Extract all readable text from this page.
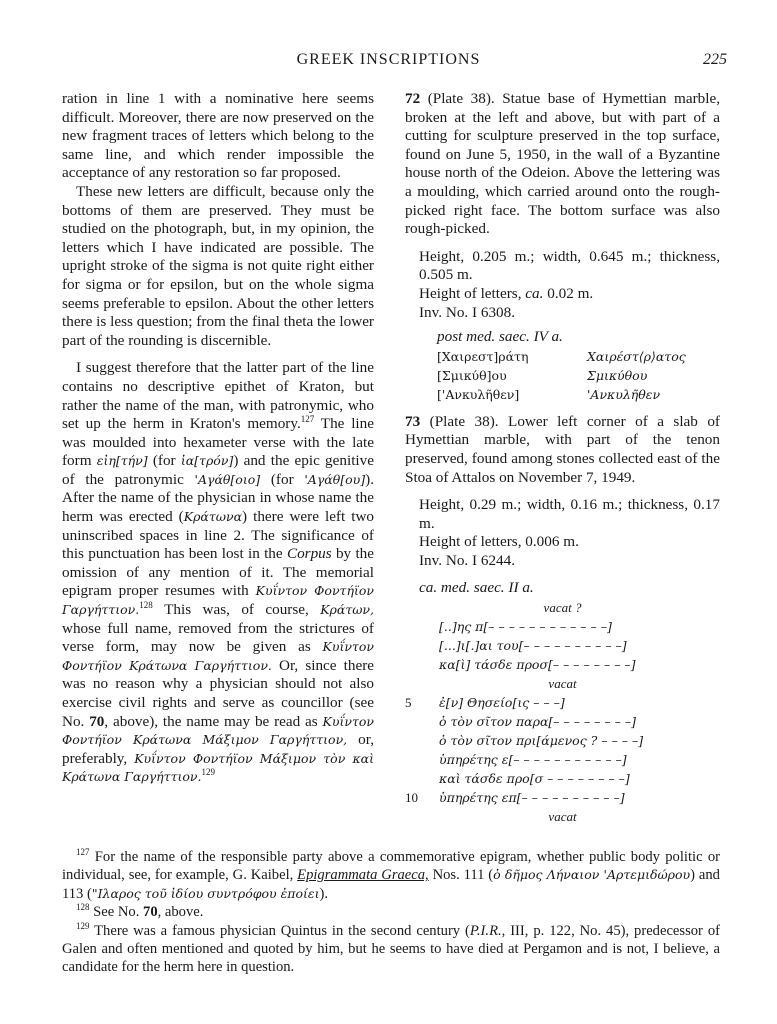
GREEK INSCRIPTIONS	225

ration in line 1 with a nominative here seems difficult. Moreover, there are now preserved on the new fragment traces of letters which belong to the same line, and which render impossible the acceptance of any restoration so far proposed.

These new letters are difficult, because only the bottoms of them are preserved. They must be studied on the photograph, but, in my opinion, the letters which I have indicated are possible. The upright stroke of the sigma is not quite right either for sigma or for epsilon, but on the whole sigma seems preferable to epsilon. About the other letters there is less question; from the final theta the lower part of the rounding is discernible.

I suggest therefore that the latter part of the line contains no descriptive epithet of Kraton, but rather the name of the man, with patronymic, who set up the herm in Kraton's memory.$^{127}$ The line was moulded into hexameter verse with the late form εἰη[τήν] (for ἰα[τρόν]) and the epic genitive of the patronymic 'Αγάθ[οιο] (for 'Αγάθ[ου]). After the name of the physician in whose name the herm was erected (Κράτωνα) there were left two uninscribed spaces in line 2. The significance of this punctuation has been lost in the Corpus by the omission of any mention of it. The memorial epigram proper resumes with Κυΐντον Φοντήϊον Γαργήττιον.$^{128}$ This was, of course, Κράτων, whose full name, removed from the strictures of verse form, may now be given as Κυΐντον Φοντήϊον Κράτωνα Γαργήττιον. Or, since there was no reason why a physician should not also exercise civil rights and serve as councillor (see No. 70, above), the name may be read as Κυΐντον Φοντήϊον Κράτωνα Μάξιμον Γαργήττιον, or, preferably, Κυΐντον Φοντήϊον Μάξιμον τὸν καὶ Κράτωνα Γαργήττιον.$^{129}$

72 (Plate 38). Statue base of Hymettian marble, broken at the left and above, but with part of a cutting for sculpture preserved in the top surface, found on June 5, 1950, in the wall of a Byzantine house north of the Odeion. Above the lettering was a moulding, which carried around onto the rough-picked right face. The bottom surface was also rough-picked.

Height, 0.205 m.; width, 0.645 m.; thickness, 0.505 m.

Height of letters, ca. 0.02 m.

Inv. No. I 6308.

post med. saec. IV a.

[Χαιρεστ]ράτη	Χαιρέστ⟨ρ⟩ατος
[Σμικύθ]ου	Σμικύθου
['Ανκυλῆθεν]	'Ανκυλῆθεν

73 (Plate 38). Lower left corner of a slab of Hymettian marble, with part of the tenon preserved, found among stones collected east of the Stoa of Attalos on November 7, 1949.

Height, 0.29 m.; width, 0.16 m.; thickness, 0.17 m.

Height of letters, 0.006 m.

Inv. No. I 6244.

ca. med. saec. II a.

vacat ?
[..]ης π[– – – – – – – – – – – –]
[...]ι[.]αι του[– – – – – – – – – –]
κα[ὶ] τάσδε προσ[– – – – – – – –]
vacat
5 ἐ[ν] Θησείο[ις – – –]
ὁ τὸν σῖτον παρα[– – – – – – – –]
ὁ τὸν σῖτον πρι[άμενος ? – – – –]
ὑπηρέτης ε[– – – – – – – – – – –]
καὶ τάσδε προ[σ – – – – – – – –]
10 ὑπηρέτης επ[– – – – – – – – – –]
vacat

$^{127}$ For the name of the responsible party above a commemorative epigram, whether public body politic or individual, see, for example, G. Kaibel, Epigrammata Graeca, Nos. 111 (ὁ δῆμος Λήναιον 'Αρτεμιδώρου) and 113 ("Ιλαρος τοῦ ἰδίου συντρόφου ἐποίει).

$^{128}$ See No. 70, above.

$^{129}$ There was a famous physician Quintus in the second century (P.I.R., III, p. 122, No. 45), predecessor of Galen and often mentioned and quoted by him, but he seems to have died at Pergamon and is not, I believe, a candidate for the herm here in question.
